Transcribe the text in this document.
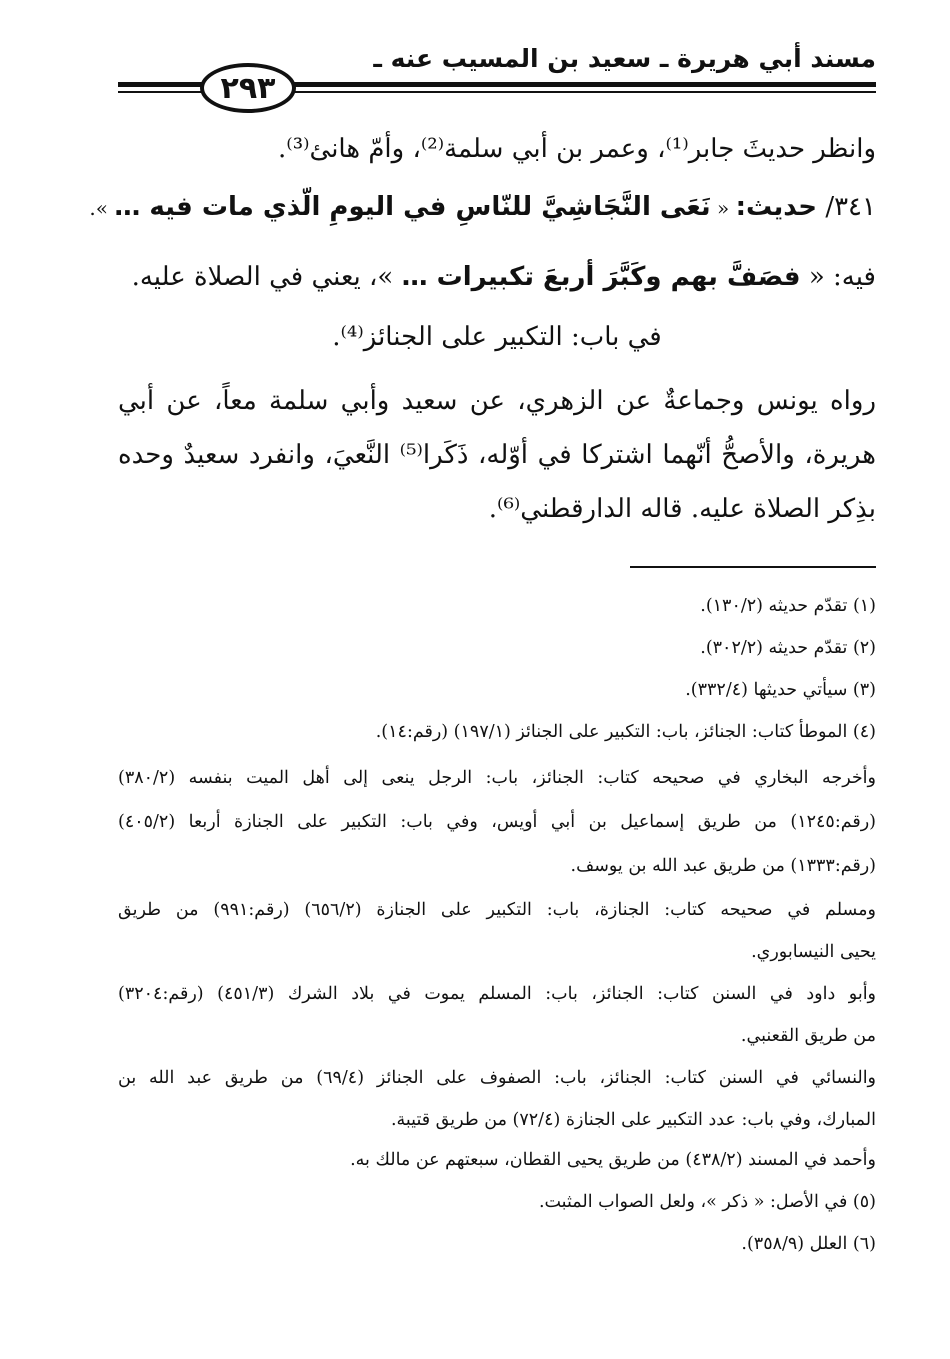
مسند أبي هريرة ـ سعيد بن المسيب عنه ـ
٢٩٣
وانظر حديثَ جابر⁽¹⁾، وعمر بن أبي سلمة⁽²⁾، وأمّ هانئ⁽³⁾.
٣٤١/ حديث: « نَعَى النَّجَاشِيَّ للنّاسِ في اليومِ الّذي مات فيه … ».
فيه: « فصَفَّ بهم وكَبَّرَ أربعَ تكبيرات … »، يعني في الصلاة عليه.
في باب: التكبير على الجنائز⁽⁴⁾.
رواه يونس وجماعةٌ عن الزهري، عن سعيد وأبي سلمة معاً، عن أبي
هريرة، والأصحُّ أنّهما اشتركا في أوّله، ذَكَرا⁽⁵⁾ النَّعيَ، وانفرد سعيدٌ وحده
بذِكر الصلاة عليه. قاله الدارقطني⁽⁶⁾.
(١) تقدّم حديثه (١٣٠/٢).
(٢) تقدّم حديثه (٣٠٢/٢).
(٣) سيأتي حديثها (٣٣٢/٤).
(٤) الموطأ كتاب: الجنائز، باب: التكبير على الجنائز (١٩٧/١) (رقم:١٤).
وأخرجه البخاري في صحيحه كتاب: الجنائز، باب: الرجل ينعى إلى أهل الميت بنفسه (٣٨٠/٢)
(رقم:١٢٤٥) من طريق إسماعيل بن أبي أويس، وفي باب: التكبير على الجنازة أربعا (٤٠٥/٢)
(رقم:١٣٣٣) من طريق عبد الله بن يوسف.
ومسلم في صحيحه كتاب: الجنازة، باب: التكبير على الجنازة (٦٥٦/٢) (رقم:٩٩١) من طريق
يحيى النيسابوري.
وأبو داود في السنن كتاب: الجنائز، باب: المسلم يموت في بلاد الشرك (٤٥١/٣) (رقم:٣٢٠٤)
من طريق القعنبي.
والنسائي في السنن كتاب: الجنائز، باب: الصفوف على الجنائز (٦٩/٤) من طريق عبد الله بن
المبارك، وفي باب: عدد التكبير على الجنازة (٧٢/٤) من طريق قتيبة.
وأحمد في المسند (٤٣٨/٢) من طريق يحيى القطان، سبعتهم عن مالك به.
(٥) في الأصل: « ذكر »، ولعل الصواب المثبت.
(٦) العلل (٣٥٨/٩).
